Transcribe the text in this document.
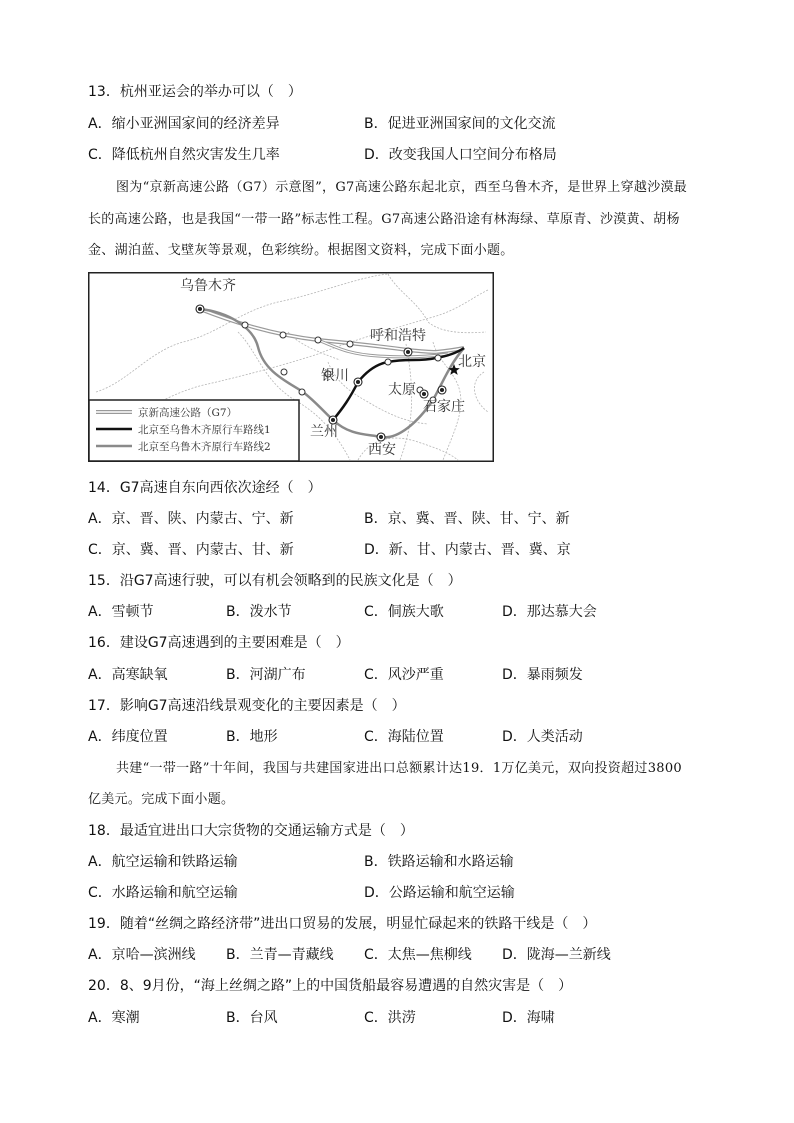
13．杭州亚运会的举办可以（　）
A．缩小亚洲国家间的经济差异	B．促进亚洲国家间的文化交流
C．降低杭州自然灾害发生几率	D．改变我国人口空间分布格局
图为“京新高速公路（G7）示意图”，G7高速公路东起北京，西至乌鲁木齐，是世界上穿越沙漠最
长的高速公路，也是我国“一带一路”标志性工程。G7高速公路沿途有林海绿、草原青、沙漠黄、胡杨
金、湖泊蓝、戈壁灰等景观，色彩缤纷。根据图文资料，完成下面小题。
乌鲁木齐
呼和浩特
北京
银川
太原
石家庄
兰州
西安
京新高速公路（G7）
北京至乌鲁木齐原行车路线1
北京至乌鲁木齐原行车路线2
14．G7高速自东向西依次途经（　）
A．京、晋、陕、内蒙古、宁、新	B．京、冀、晋、陕、甘、宁、新
C．京、冀、晋、内蒙古、甘、新	D．新、甘、内蒙古、晋、冀、京
15．沿G7高速行驶，可以有机会领略到的民族文化是（　）
A．雪顿节	B．泼水节	C．侗族大歌	D．那达慕大会
16．建设G7高速遇到的主要困难是（　）
A．高寒缺氧	B．河湖广布	C．风沙严重	D．暴雨频发
17．影响G7高速沿线景观变化的主要因素是（　）
A．纬度位置	B．地形	C．海陆位置	D．人类活动
共建“一带一路”十年间，我国与共建国家进出口总额累计达19．1万亿美元，双向投资超过3800
亿美元。完成下面小题。
18．最适宜进出口大宗货物的交通运输方式是（　）
A．航空运输和铁路运输	B．铁路运输和水路运输
C．水路运输和航空运输	D．公路运输和航空运输
19．随着“丝绸之路经济带”进出口贸易的发展，明显忙碌起来的铁路干线是（　）
A．京哈—滨洲线 B．兰青—青藏线 C．太焦—焦柳线 D．陇海—兰新线
20．8、9月份，“海上丝绸之路”上的中国货船最容易遭遇的自然灾害是（　）
A．寒潮	B．台风	C．洪涝	D．海啸
